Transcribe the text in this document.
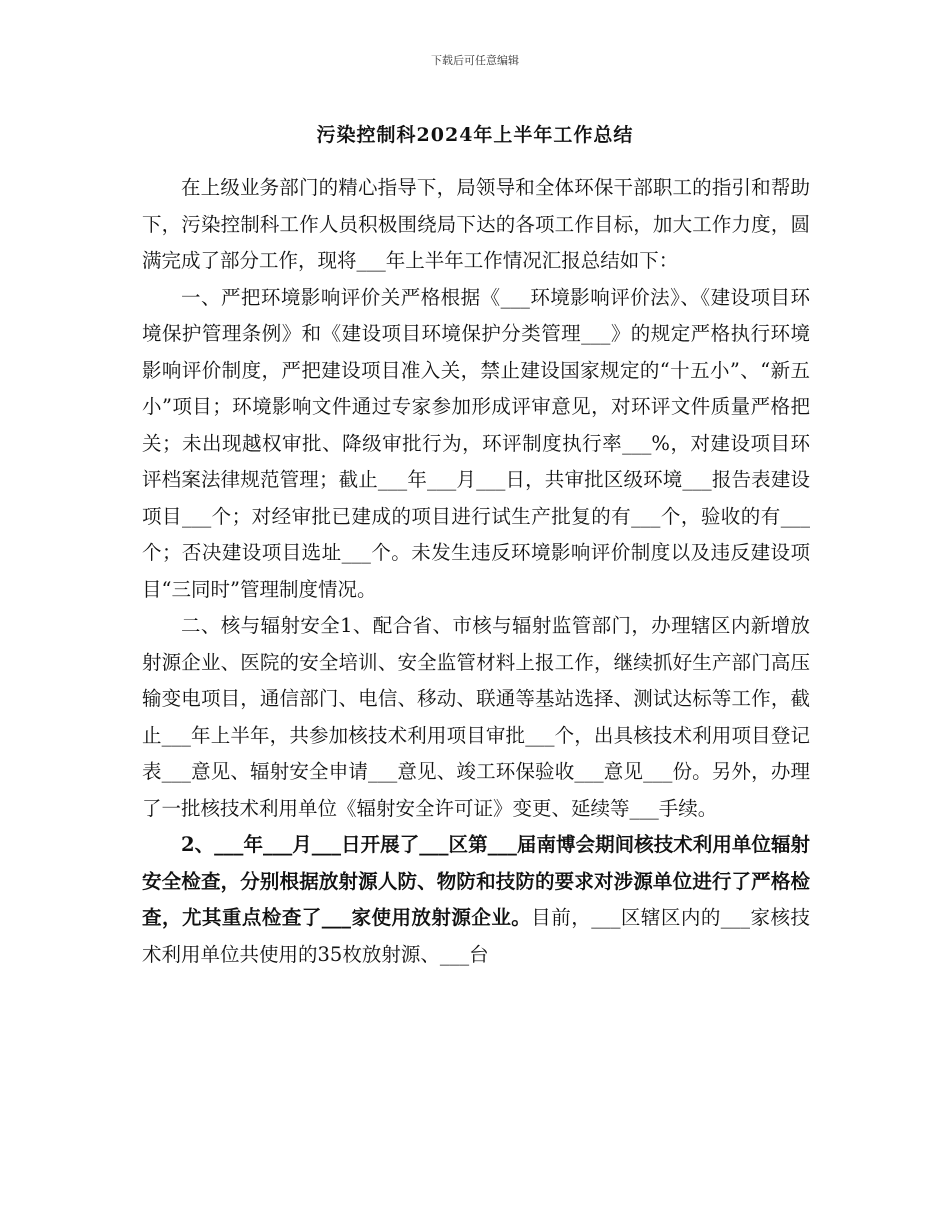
下载后可任意编辑
污染控制科2024年上半年工作总结

在上级业务部门的精心指导下，局领导和全体环保干部职工的指引和帮助下，污染控制科工作人员积极围绕局下达的各项工作目标，加大工作力度，圆满完成了部分工作，现将___年上半年工作情况汇报总结如下：

一、严把环境影响评价关严格根据《___环境影响评价法》、《建设项目环境保护管理条例》和《建设项目环境保护分类管理___》的规定严格执行环境影响评价制度，严把建设项目准入关，禁止建设国家规定的“十五小”、“新五小”项目；环境影响文件通过专家参加形成评审意见，对环评文件质量严格把关；未出现越权审批、降级审批行为，环评制度执行率___%，对建设项目环评档案法律规范管理；截止___年___月___日，共审批区级环境___报告表建设项目___个；对经审批已建成的项目进行试生产批复的有___个，验收的有___个；否决建设项目选址___个。未发生违反环境影响评价制度以及违反建设项目“三同时”管理制度情况。

二、核与辐射安全1、配合省、市核与辐射监管部门，办理辖区内新增放射源企业、医院的安全培训、安全监管材料上报工作，继续抓好生产部门高压输变电项目，通信部门、电信、移动、联通等基站选择、测试达标等工作，截止___年上半年，共参加核技术利用项目审批___个，出具核技术利用项目登记表___意见、辐射安全申请___意见、竣工环保验收___意见___份。另外，办理了一批核技术利用单位《辐射安全许可证》变更、延续等___手续。

2、___年___月___日开展了___区第___届南博会期间核技术利用单位辐射安全检查，分别根据放射源人防、物防和技防的要求对涉源单位进行了严格检查，尤其重点检查了___家使用放射源企业。目前，___区辖区内的___家核技术利用单位共使用的35枚放射源、___台
